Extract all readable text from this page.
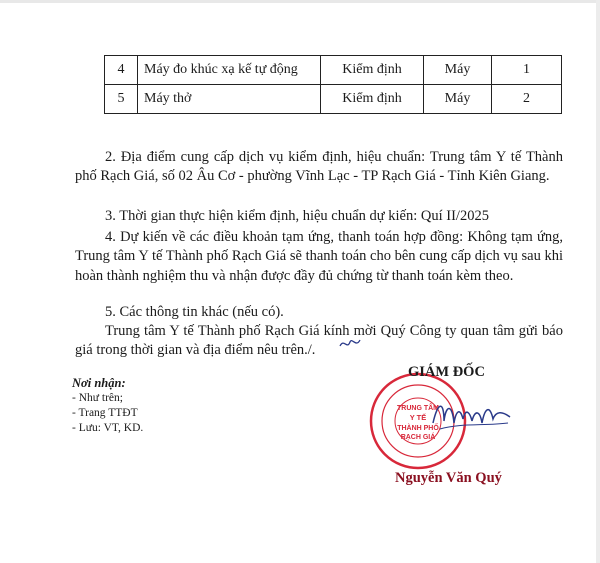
4	Máy đo khúc xạ kế tự động	Kiểm định	Máy	1
5	Máy thở	Kiểm định	Máy	2

2. Địa điểm cung cấp dịch vụ kiểm định, hiệu chuẩn: Trung tâm Y tế Thành phố Rạch Giá, số 02 Âu Cơ - phường Vĩnh Lạc - TP Rạch Giá - Tỉnh Kiên Giang.

3. Thời gian thực hiện kiểm định, hiệu chuẩn dự kiến: Quí II/2025

4. Dự kiến về các điều khoản tạm ứng, thanh toán hợp đồng: Không tạm ứng, Trung tâm Y tế Thành phố Rạch Giá sẽ thanh toán cho bên cung cấp dịch vụ sau khi hoàn thành nghiệm thu và nhận được đầy đủ chứng từ thanh toán kèm theo.

5. Các thông tin khác (nếu có).

Trung tâm Y tế Thành phố Rạch Giá kính mời Quý Công ty quan tâm gửi báo giá trong thời gian và địa điểm nêu trên./.

Nơi nhận:
- Như trên;
- Trang TTĐT
- Lưu: VT, KD.
TRUNG TÂM
Y TẾ
THÀNH PHỐ
RẠCH GIÁ
GIÁM ĐỐC
Nguyễn Văn Quý
